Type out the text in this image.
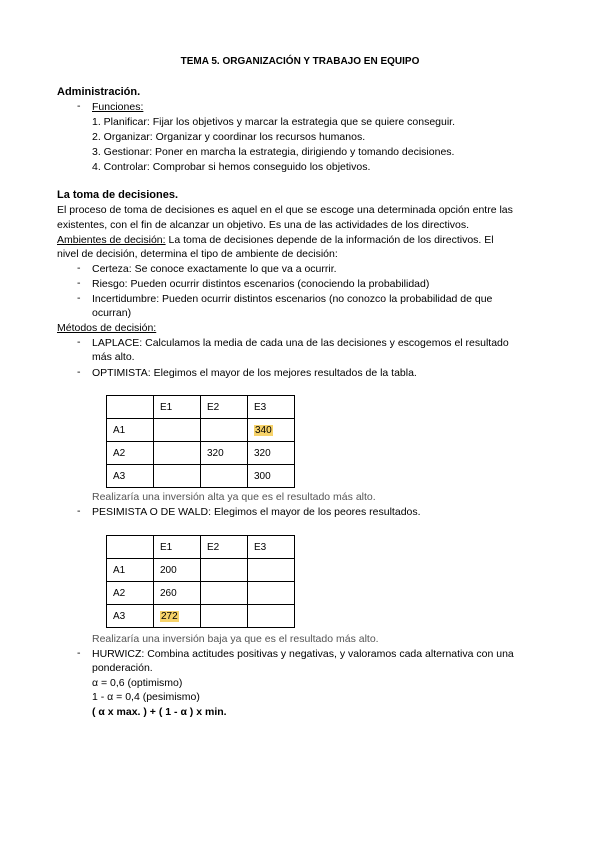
TEMA 5. ORGANIZACIÓN Y TRABAJO EN EQUIPO
Administración.
- Funciones:
1. Planificar: Fijar los objetivos y marcar la estrategia que se quiere conseguir.
2. Organizar: Organizar y coordinar los recursos humanos.
3. Gestionar: Poner en marcha la estrategia, dirigiendo y tomando decisiones.
4. Controlar: Comprobar si hemos conseguido los objetivos.
La toma de decisiones.
El proceso de toma de decisiones es aquel en el que se escoge una determinada opción entre las
existentes, con el fin de alcanzar un objetivo. Es una de las actividades de los directivos.
Ambientes de decisión: La toma de decisiones depende de la información de los directivos. El
nivel de decisión, determina el tipo de ambiente de decisión:
- Certeza: Se conoce exactamente lo que va a ocurrir.
- Riesgo: Pueden ocurrir distintos escenarios (conociendo la probabilidad)
- Incertidumbre: Pueden ocurrir distintos escenarios (no conozco la probabilidad de que
ocurran)
Métodos de decisión:
- LAPLACE: Calculamos la media de cada una de las decisiones y escogemos el resultado
más alto.
- OPTIMISTA: Elegimos el mayor de los mejores resultados de la tabla.
	E1	E2	E3
A1			340
A2		320	320
A3			300
Realizaría una inversión alta ya que es el resultado más alto.
- PESIMISTA O DE WALD: Elegimos el mayor de los peores resultados.
	E1	E2	E3
A1	200		
A2	260		
A3	272		
Realizaría una inversión baja ya que es el resultado más alto.
- HURWICZ: Combina actitudes positivas y negativas, y valoramos cada alternativa con una
ponderación.
α = 0,6 (optimismo)
1 - α = 0,4 (pesimismo)
( α x max. ) + ( 1 - α ) x min.
